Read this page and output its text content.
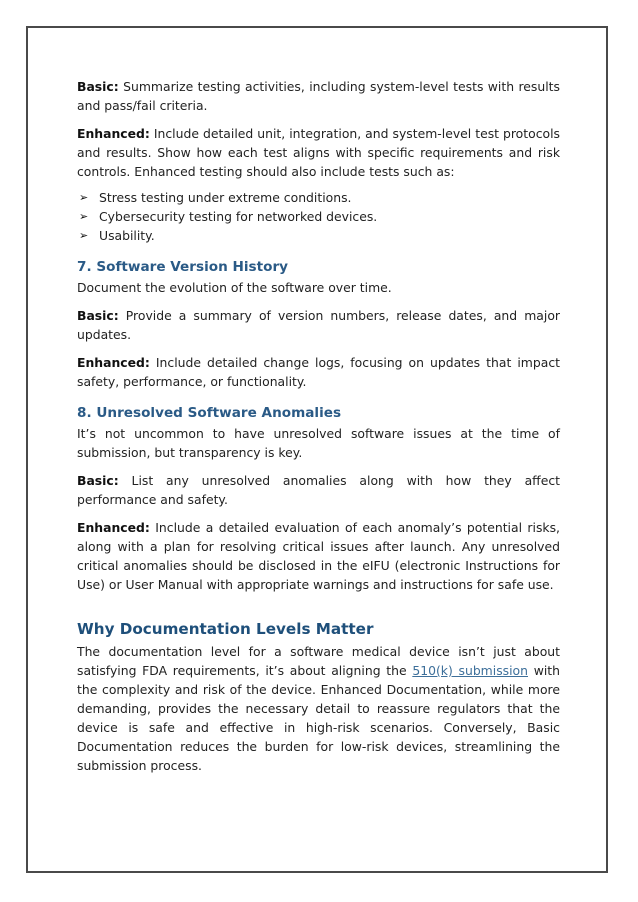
Basic: Summarize testing activities, including system-level tests with results and pass/fail criteria.

Enhanced: Include detailed unit, integration, and system-level test protocols and results. Show how each test aligns with specific requirements and risk controls. Enhanced testing should also include tests such as:

➢ Stress testing under extreme conditions.
➢ Cybersecurity testing for networked devices.
➢ Usability.
7. Software Version History

Document the evolution of the software over time.

Basic: Provide a summary of version numbers, release dates, and major updates.

Enhanced: Include detailed change logs, focusing on updates that impact safety, performance, or functionality.

8. Unresolved Software Anomalies

It’s not uncommon to have unresolved software issues at the time of submission, but transparency is key.

Basic: List any unresolved anomalies along with how they affect performance and safety.

Enhanced: Include a detailed evaluation of each anomaly’s potential risks, along with a plan for resolving critical issues after launch. Any unresolved critical anomalies should be disclosed in the eIFU (electronic Instructions for Use) or User Manual with appropriate warnings and instructions for safe use.

Why Documentation Levels Matter

The documentation level for a software medical device isn’t just about satisfying FDA requirements, it’s about aligning the 510(k) submission with the complexity and risk of the device. Enhanced Documentation, while more demanding, provides the necessary detail to reassure regulators that the device is safe and effective in high-risk scenarios. Conversely, Basic Documentation reduces the burden for low-risk devices, streamlining the submission process.
